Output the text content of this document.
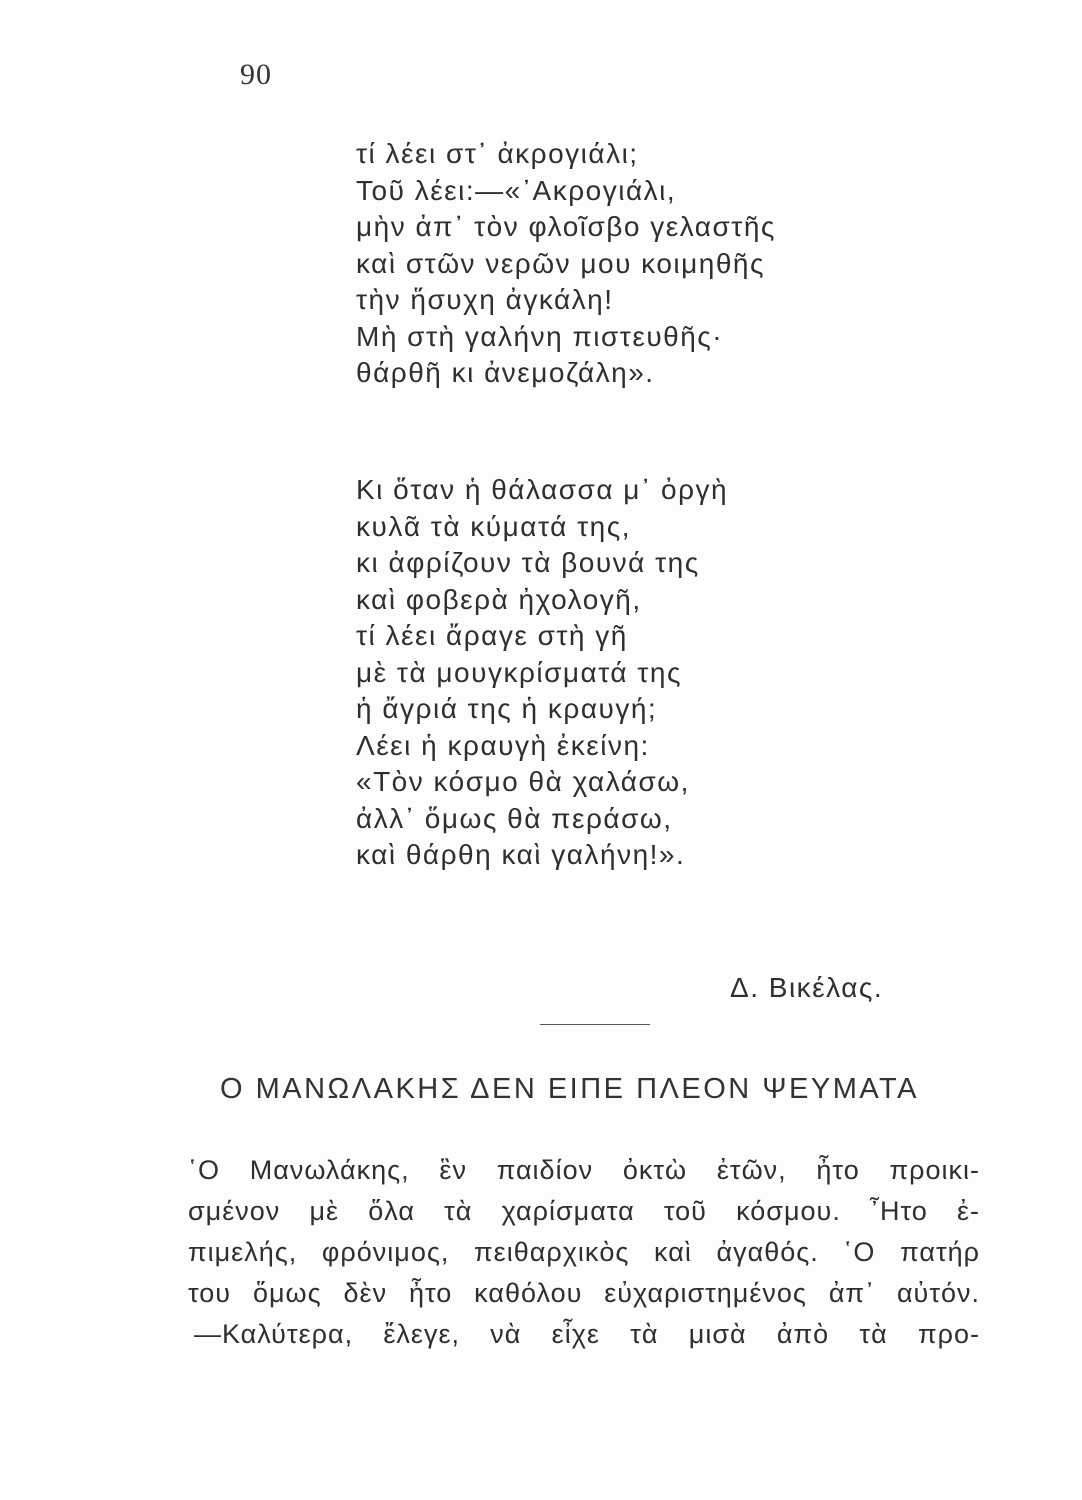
90
τί λέει στ᾿ ἀκρογιάλι;
Τοῦ λέει:—«᾿Ακρογιάλι,
μὴν ἀπ᾿ τὸν φλοῖσβο γελαστῆς
καὶ στῶν νερῶν μου κοιμηθῆς
τὴν ἥσυχη ἀγκάλη!
Μὴ στὴ γαλήνη πιστευθῆς·
θάρθῆ κι ἀνεμοζάλη».
Κι ὅταν ἡ θάλασσα μ᾿ ὀργὴ
κυλᾶ τὰ κύματά της,
κι ἀφρίζουν τὰ βουνά της
καὶ φοβερὰ ἠχολογῆ,
τί λέει ἄραγε στὴ γῆ
μὲ τὰ μουγκρίσματά της
ἡ ἄγριά της ἡ κραυγή;
Λέει ἡ κραυγὴ ἐκείνη:
«Τὸν κόσμο θὰ χαλάσω,
ἀλλ᾿ ὅμως θὰ περάσω,
καὶ θάρθη καὶ γαλήνη!».
Δ. Βικέλας.
Ο ΜΑΝΩΛΑΚΗΣ ΔΕΝ ΕΙΠΕ ΠΛΕΟΝ ΨΕΥΜΑΤΑ
῾Ο Μανωλάκης, ἓν παιδίον ὀκτὼ ἐτῶν, ἦτο προικι-
σμένον μὲ ὅλα τὰ χαρίσματα τοῦ κόσμου. ῏Ητο ἐ-
πιμελής, φρόνιμος, πειθαρχικὸς καὶ ἀγαθός. ῾Ο πατήρ
του ὅμως δὲν ἦτο καθόλου εὐχαριστημένος ἀπ᾿ αὐτόν.
—Καλύτερα, ἔλεγε, νὰ εἶχε τὰ μισὰ ἀπὸ τὰ προ-
